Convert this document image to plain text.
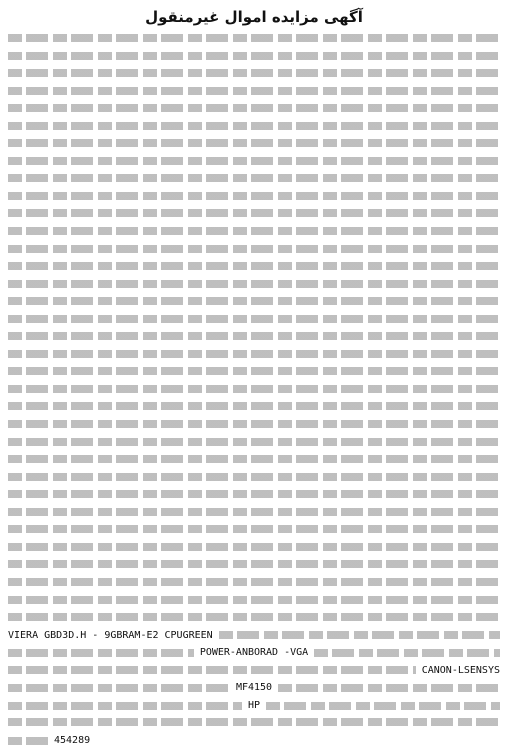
آگهی مزایده اموال غیرمنقول
VIERA GBD3D.H - 9GBRAM-E2 CPUGREEN
POWER-ANBORAD -VGA
CANON-LSENSYS
MF4150
HP
454289
